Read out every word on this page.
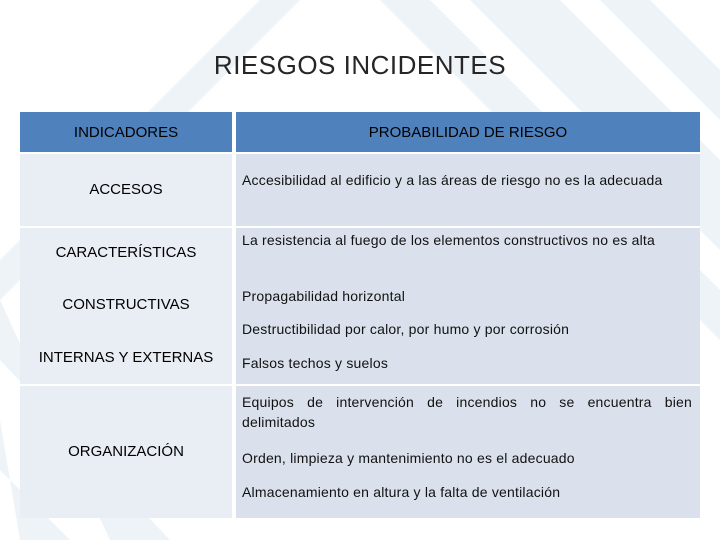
RIESGOS INCIDENTES
INDICADORES	PROBABILIDAD DE RIESGO
ACCESOS
CARACTERÍSTICAS
CONSTRUCTIVAS
INTERNAS Y EXTERNAS
ORGANIZACIÓN
Accesibilidad al edificio y a las áreas de riesgo no es la adecuada
La resistencia al fuego de los elementos constructivos no es alta
Propagabilidad horizontal
Destructibilidad por calor, por humo y por corrosión
Falsos techos y suelos
Equipos de intervención de incendios no se encuentra bien delimitados
Orden, limpieza y mantenimiento no es el adecuado
Almacenamiento en altura y la falta de ventilación
